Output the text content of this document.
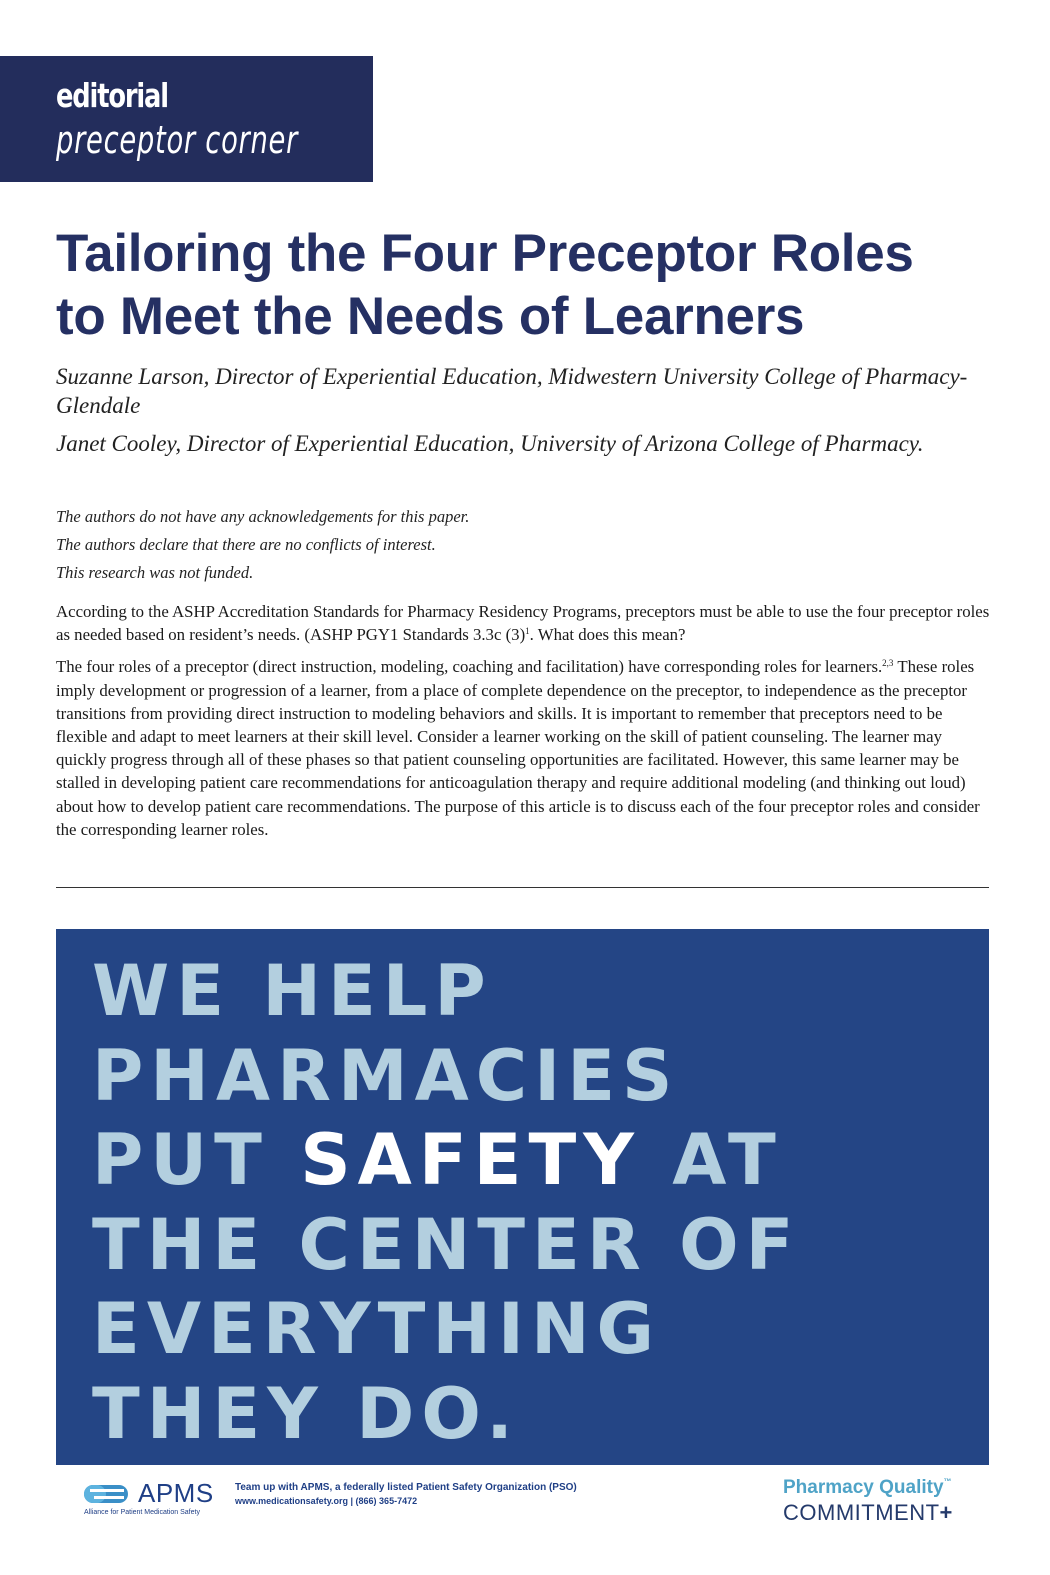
editorial
preceptor corner
Tailoring the Four Preceptor Roles
to Meet the Needs of Learners
Suzanne Larson, Director of Experiential Education, Midwestern University College of Pharmacy-Glendale
Janet Cooley, Director of Experiential Education, University of Arizona College of Pharmacy.
The authors do not have any acknowledgements for this paper.
The authors declare that there are no conflicts of interest.
This research was not funded.

According to the ASHP Accreditation Standards for Pharmacy Residency Programs, preceptors must be able to use the four preceptor roles as needed based on resident’s needs. (ASHP PGY1 Standards 3.3c $(3)^1$. What does this mean?

The four roles of a preceptor (direct instruction, modeling, coaching and facilitation) have corresponding roles for learners.$^{2,3}$ These roles imply development or progression of a learner, from a place of complete dependence on the preceptor, to independence as the preceptor transitions from providing direct instruction to modeling behaviors and skills. It is important to remember that preceptors need to be flexible and adapt to meet learners at their skill level. Consider a learner working on the skill of patient counseling. The learner may quickly progress through all of these phases so that patient counseling opportunities are facilitated. However, this same learner may be stalled in developing patient care recommendations for anticoagulation therapy and require additional modeling (and thinking out loud) about how to develop patient care recommendations. The purpose of this article is to discuss each of the four preceptor roles and consider the corresponding learner roles.

WE HELP
PHARMACIES
PUT SAFETY AT
THE CENTER OF
EVERYTHING
THEY DO.
APMS
Alliance for Patient Medication Safety
Team up with APMS, a federally listed Patient Safety Organization (PSO)
www.medicationsafety.org | (866) 365-7472
Pharmacy Quality™
COMMITMENT+
